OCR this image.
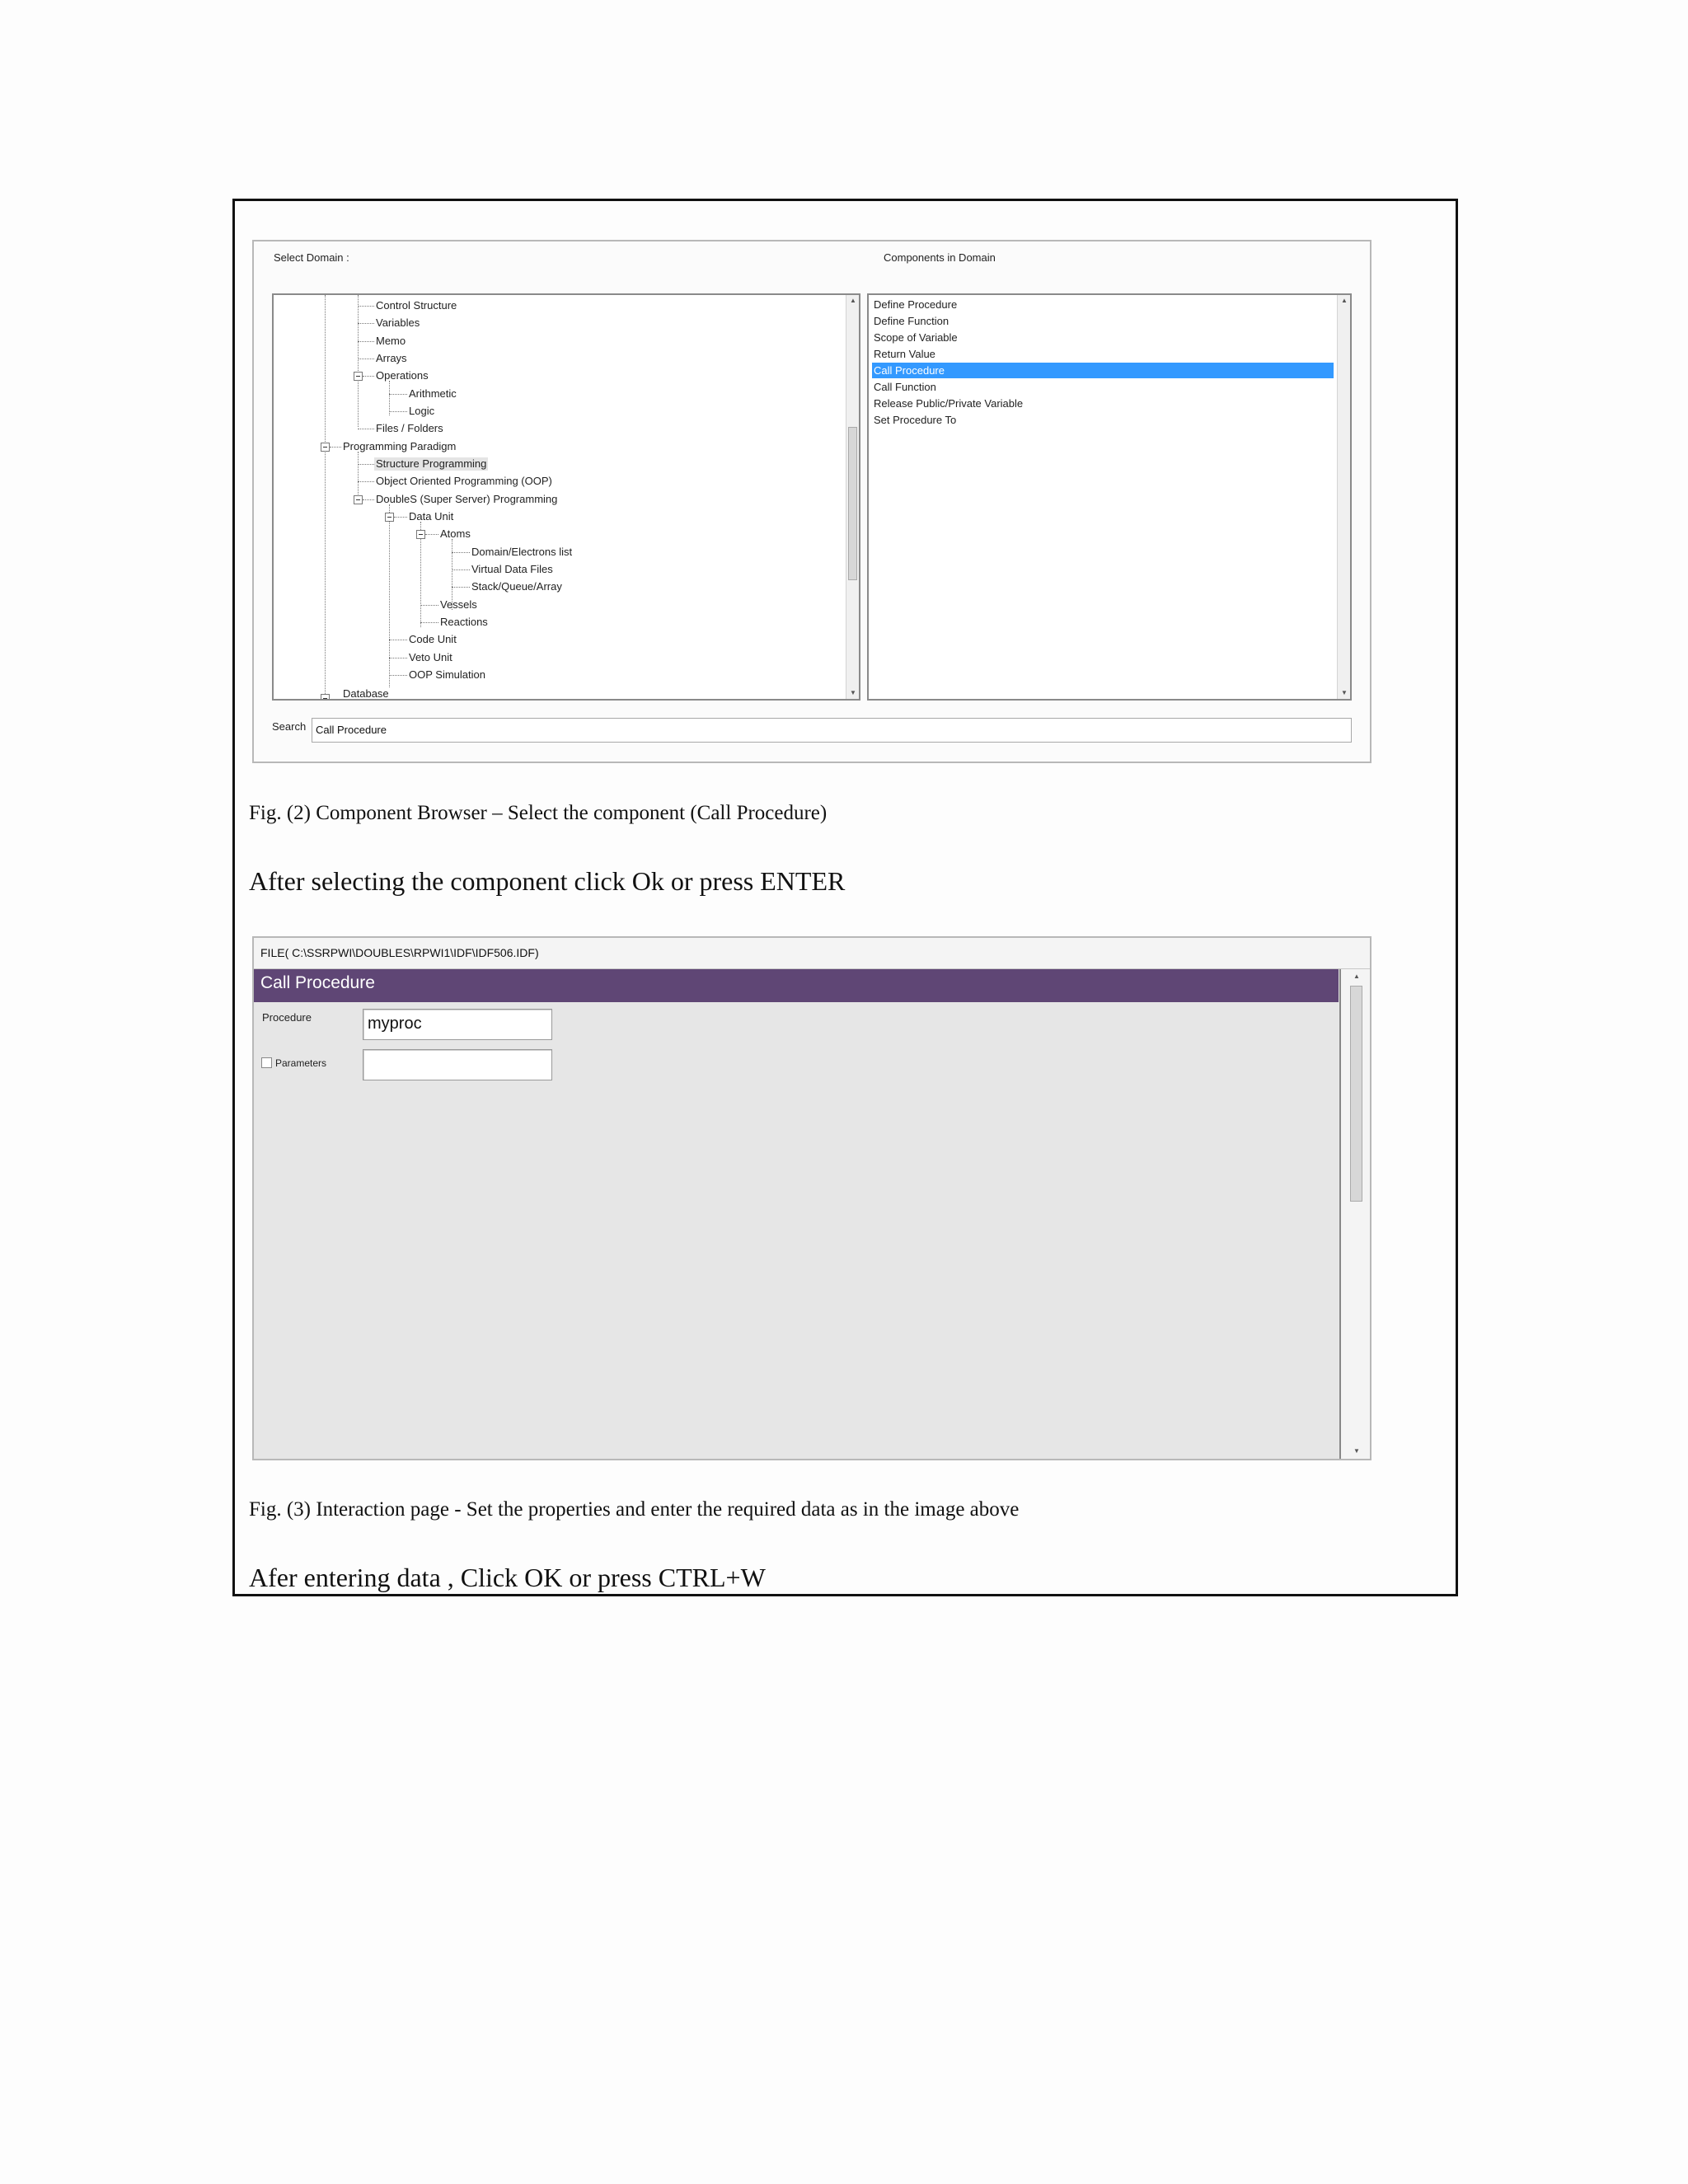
Select Domain :	Components in Domain
Control Structure
Variables
Memo
Arrays
Operations
Arithmetic
Logic
Files / Folders
Programming Paradigm
Structure Programming
Object Oriented Programming (OOP)
DoubleS (Super Server) Programming
Data Unit
Atoms
Domain/Electrons list
Virtual Data Files
Stack/Queue/Array
Vessels
Reactions
Code Unit
Veto Unit
OOP Simulation
Database
▲
▼
Define Procedure
Define Function
Scope of Variable
Return Value
Call Procedure
Call Function
Release Public/Private Variable
Set Procedure To
▲
▼
Search Call Procedure
Fig. (2) Component Browser – Select the component (Call Procedure)
After selecting the component click Ok or press ENTER
FILE( C:\SSRPWI\DOUBLES\RPWI1\IDF\IDF506.IDF)
Call Procedure
Procedure	myproc
Parameters
▲
▼
Fig. (3) Interaction page - Set the properties and enter the required data as in the image above
Afer entering data , Click OK or press CTRL+W
